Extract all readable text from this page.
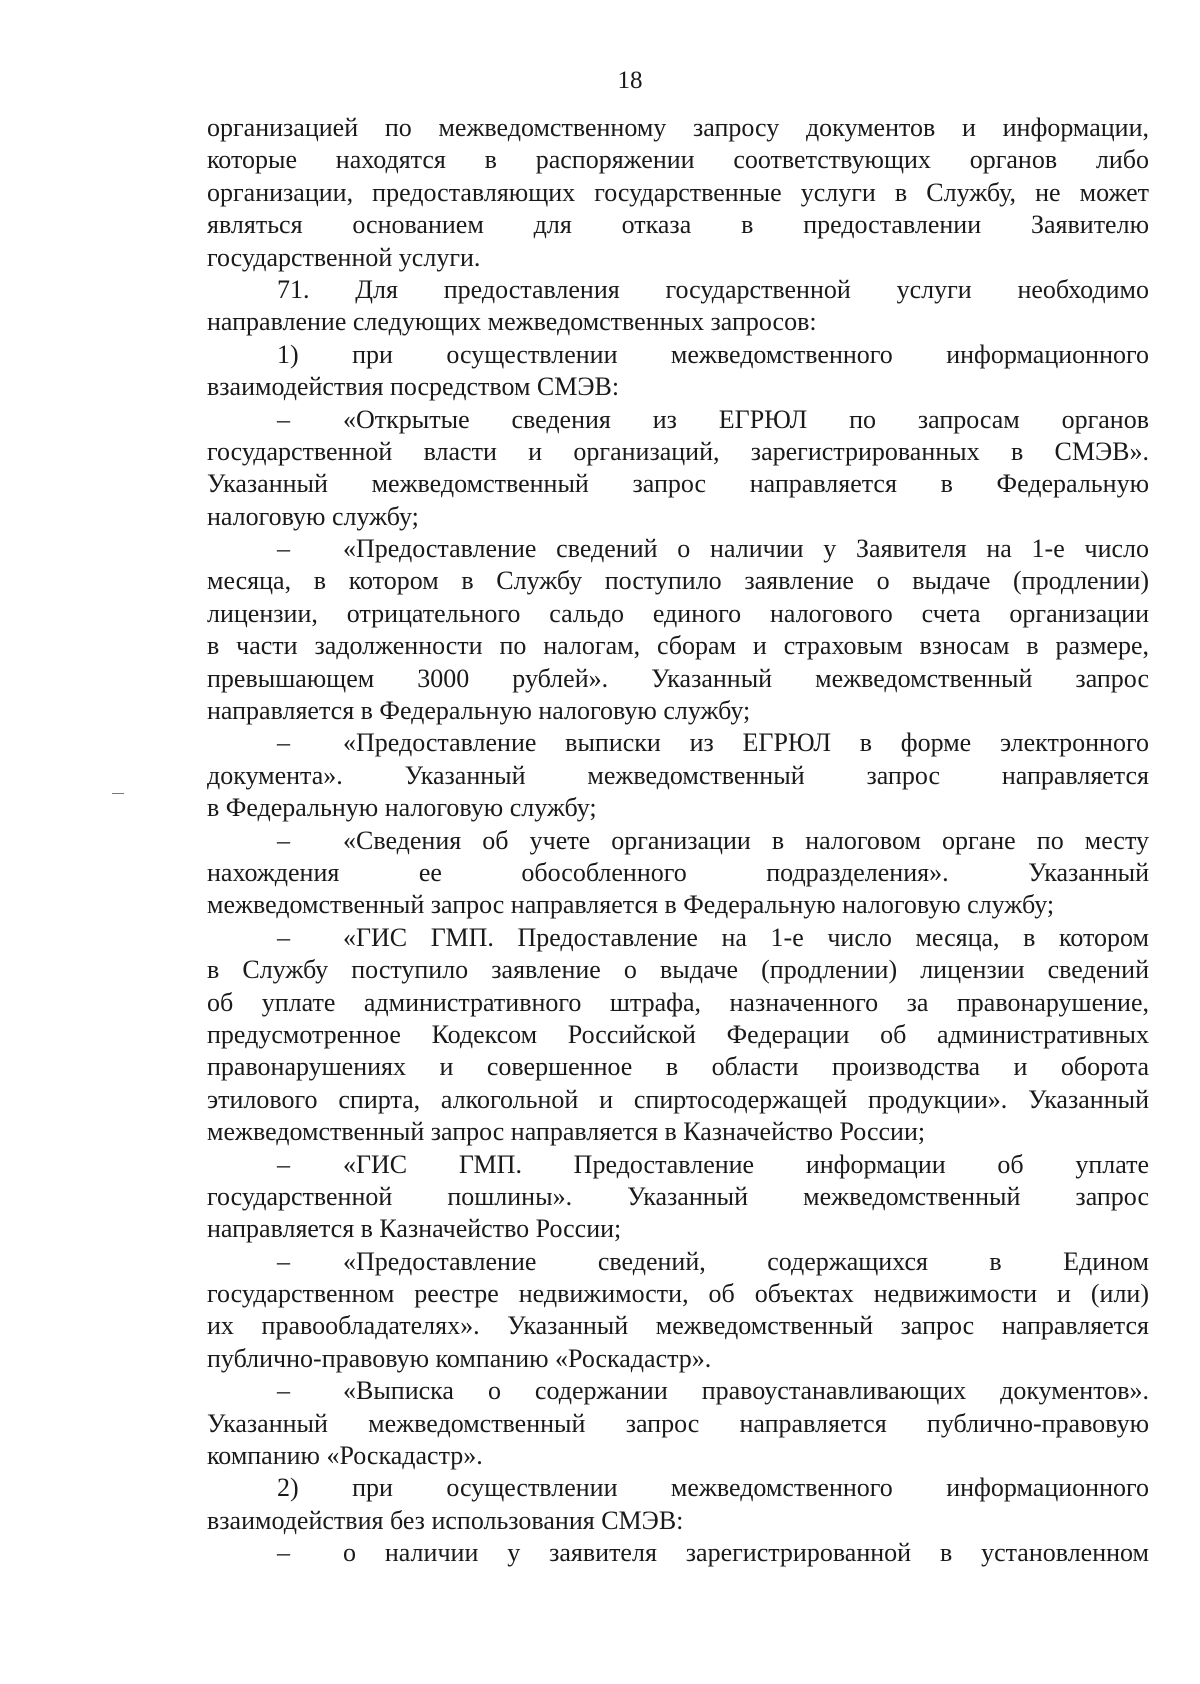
18
организацией по межведомственному запросу документов и информации,
которые находятся в распоряжении соответствующих органов либо
организации, предоставляющих государственные услуги в Службу, не может
являться основанием для отказа в предоставлении Заявителю
государственной услуги.
71. Для предоставления государственной услуги необходимо
направление следующих межведомственных запросов:
1) при осуществлении межведомственного информационного
взаимодействия посредством СМЭВ:
– «Открытые сведения из ЕГРЮЛ по запросам органов
государственной власти и организаций, зарегистрированных в СМЭВ».
Указанный межведомственный запрос направляется в Федеральную
налоговую службу;
– «Предоставление сведений о наличии у Заявителя на 1-е число
месяца, в котором в Службу поступило заявление о выдаче (продлении)
лицензии, отрицательного сальдо единого налогового счета организации
в части задолженности по налогам, сборам и страховым взносам в размере,
превышающем 3000 рублей». Указанный межведомственный запрос
направляется в Федеральную налоговую службу;
– «Предоставление выписки из ЕГРЮЛ в форме электронного
документа». Указанный межведомственный запрос направляется
в Федеральную налоговую службу;
– «Сведения об учете организации в налоговом органе по месту
нахождения ее обособленного подразделения». Указанный
межведомственный запрос направляется в Федеральную налоговую службу;
– «ГИС ГМП. Предоставление на 1-е число месяца, в котором
в Службу поступило заявление о выдаче (продлении) лицензии сведений
об уплате административного штрафа, назначенного за правонарушение,
предусмотренное Кодексом Российской Федерации об административных
правонарушениях и совершенное в области производства и оборота
этилового спирта, алкогольной и спиртосодержащей продукции». Указанный
межведомственный запрос направляется в Казначейство России;
– «ГИС ГМП. Предоставление информации об уплате
государственной пошлины». Указанный межведомственный запрос
направляется в Казначейство России;
– «Предоставление сведений, содержащихся в Едином
государственном реестре недвижимости, об объектах недвижимости и (или)
их правообладателях». Указанный межведомственный запрос направляется
публично-правовую компанию «Роскадастр».
– «Выписка о содержании правоустанавливающих документов».
Указанный межведомственный запрос направляется публично-правовую
компанию «Роскадастр».
2) при осуществлении межведомственного информационного
взаимодействия без использования СМЭВ:
– о наличии у заявителя зарегистрированной в установленном
